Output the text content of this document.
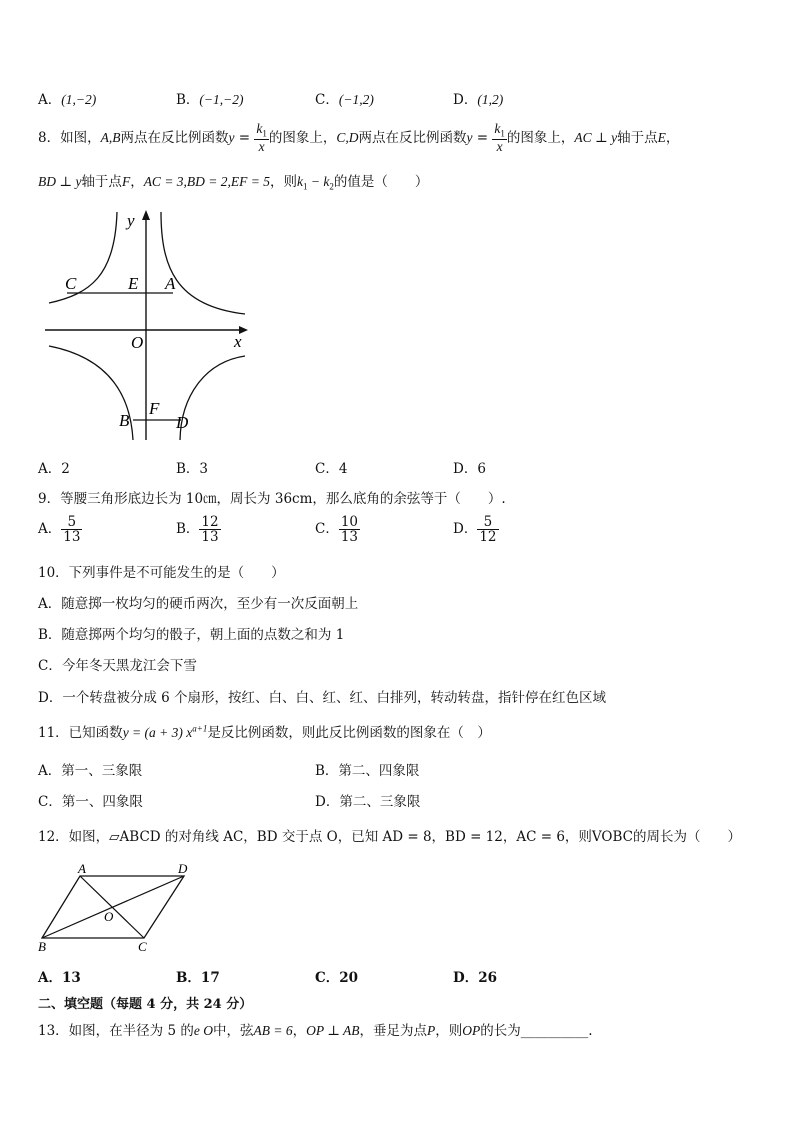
A．(1,−2)	B．(−1,−2)	C．(−1,2)	D．(1,2)
8．如图，A,B两点在反比例函数$y = \frac{k_1}{x}$ 的图象上，C,D两点在反比例函数$y = \frac{k_1}{x}$ 的图象上，AC ⊥ y轴于点E，
BD ⊥ y轴于点F，AC = 3,BD = 2,EF = 5，则$k_1 - k_2$的值是（　　）
y
x
O
C	E A
B
F
D
A．2	B．3	C．4	D．6
9．等腰三角形底边长为 10㎝，周长为 36cm，那么底角的余弦等于（　　）.
A． $\frac{5}{13}$	B． $\frac{12}{13}$	C． $\frac{10}{13}$	D． $\frac{5}{12}$
10．下列事件是不可能发生的是（　　）
A．随意掷一枚均匀的硬币两次，至少有一次反面朝上
B．随意掷两个均匀的骰子，朝上面的点数之和为 1
C．今年冬天黑龙江会下雪
D．一个转盘被分成 6 个扇形，按红、白、白、红、红、白排列，转动转盘，指针停在红色区域
11．已知函数y = (a + 3) $x^{a+1}$是反比例函数，则此反比例函数的图象在（　）
A．第一、三象限	B．第二、四象限
C．第一、四象限	D．第二、三象限
12．如图，▱ABCD 的对角线 AC，BD 交于点 O，已知 AD = 8，BD = 12，AC = 6，则VOBC的周长为（　　）
A	D
O
B	C
A．13	B．17	C．20	D．26
二、填空题（每题 4 分，共 24 分）
13．如图，在半径为 5 的e O中，弦AB = 6，OP ⊥ AB，垂足为点P，则OP的长为__________.
